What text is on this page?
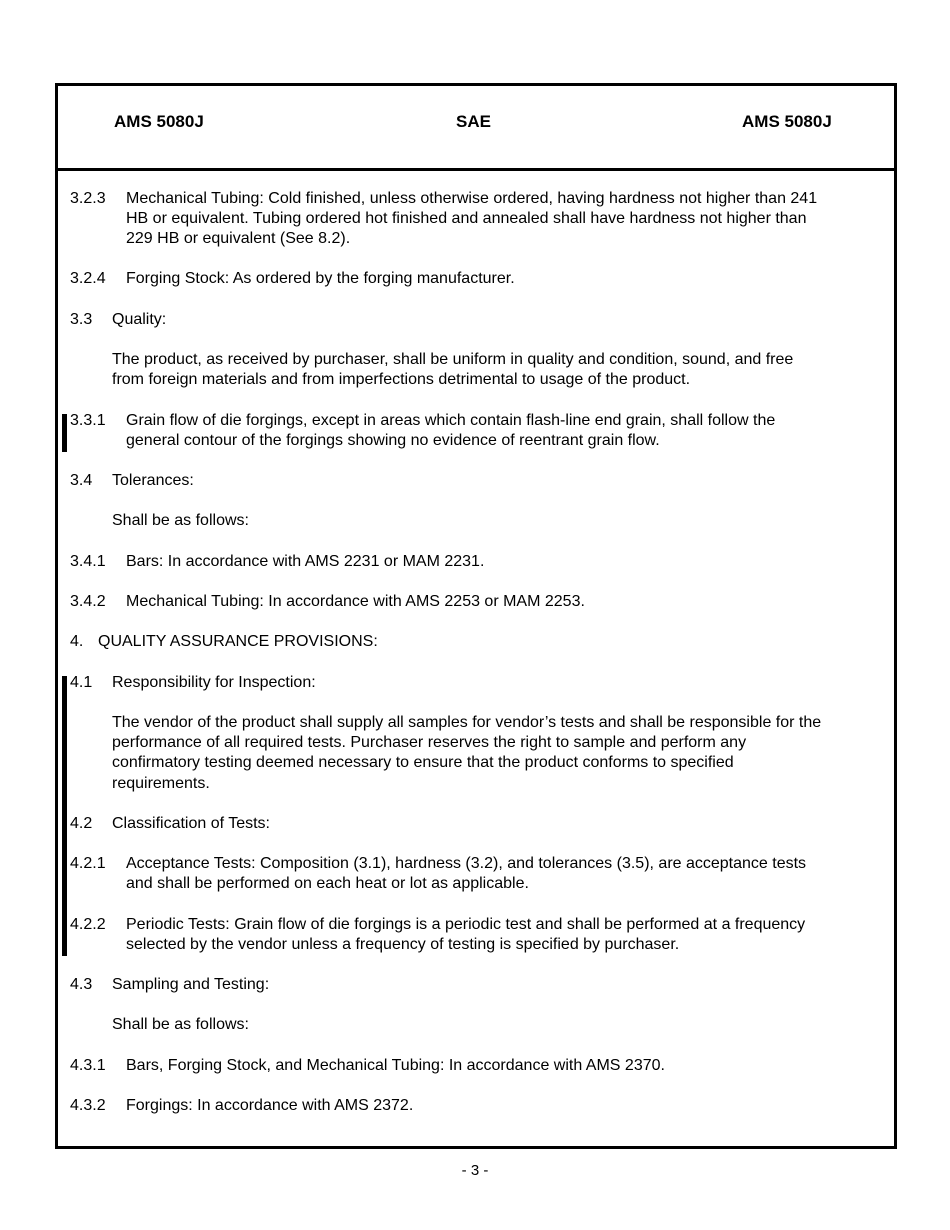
AMS 5080J	SAE	AMS 5080J
3.2.3 Mechanical Tubing: Cold finished, unless otherwise ordered, having hardness not higher than 241
HB or equivalent. Tubing ordered hot finished and annealed shall have hardness not higher than
229 HB or equivalent (See 8.2).
3.2.4 Forging Stock: As ordered by the forging manufacturer.
3.3 Quality:
The product, as received by purchaser, shall be uniform in quality and condition, sound, and free
from foreign materials and from imperfections detrimental to usage of the product.
3.3.1 Grain flow of die forgings, except in areas which contain flash-line end grain, shall follow the
general contour of the forgings showing no evidence of reentrant grain flow.
3.4 Tolerances:
Shall be as follows:
3.4.1 Bars: In accordance with AMS 2231 or MAM 2231.
3.4.2 Mechanical Tubing: In accordance with AMS 2253 or MAM 2253.
4. QUALITY ASSURANCE PROVISIONS:
4.1 Responsibility for Inspection:
The vendor of the product shall supply all samples for vendor’s tests and shall be responsible for the
performance of all required tests. Purchaser reserves the right to sample and perform any
confirmatory testing deemed necessary to ensure that the product conforms to specified
requirements.
4.2 Classification of Tests:
4.2.1 Acceptance Tests: Composition (3.1), hardness (3.2), and tolerances (3.5), are acceptance tests
and shall be performed on each heat or lot as applicable.
4.2.2 Periodic Tests: Grain flow of die forgings is a periodic test and shall be performed at a frequency
selected by the vendor unless a frequency of testing is specified by purchaser.
4.3 Sampling and Testing:
Shall be as follows:
4.3.1 Bars, Forging Stock, and Mechanical Tubing: In accordance with AMS 2370.
4.3.2 Forgings: In accordance with AMS 2372.
- 3 -
